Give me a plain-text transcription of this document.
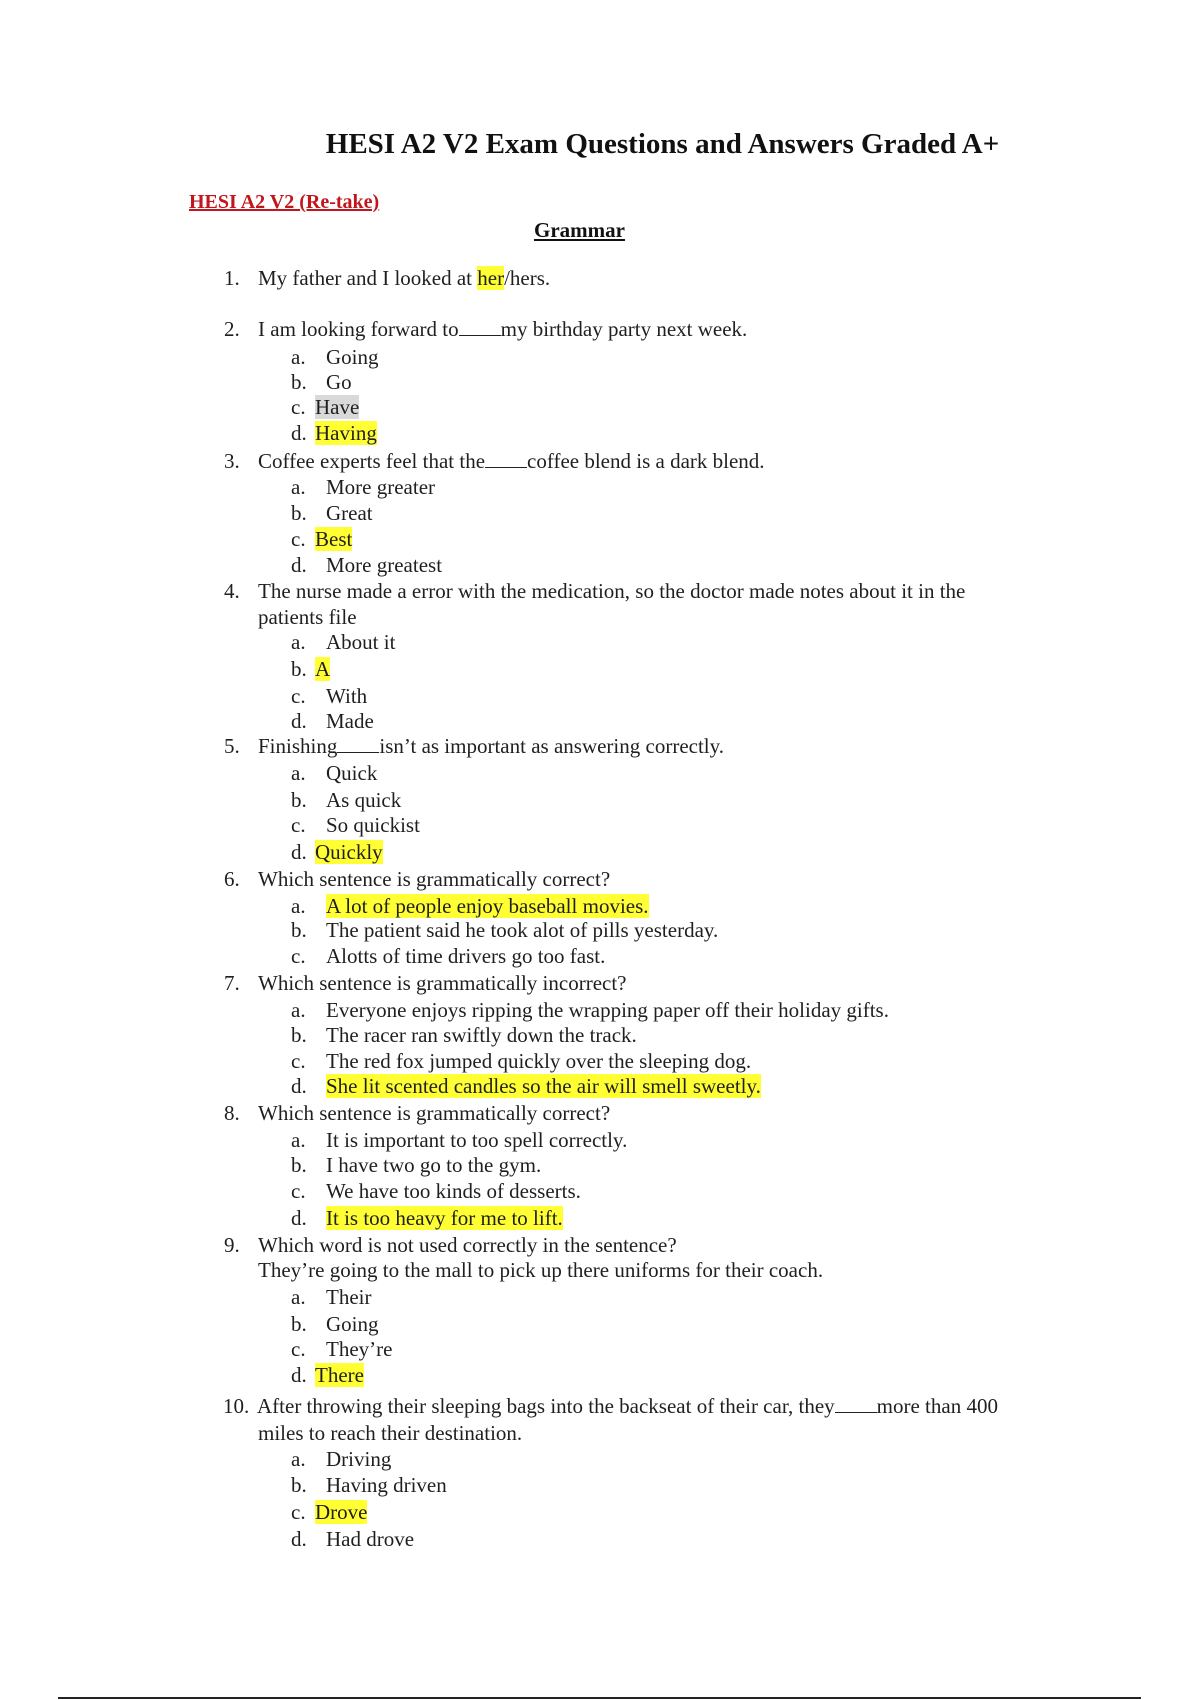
HESI A2 V2 Exam Questions and Answers Graded A+
HESI A2 V2 (Re-take)
Grammar
1. My father and I looked at her/hers.
2. I am looking forward to my birthday party next week.
a. Going
b. Go
c. Have
d. Having
3. Coffee experts feel that the coffee blend is a dark blend.
a. More greater
b. Great
c. Best
d. More greatest
4. The nurse made a error with the medication, so the doctor made notes about it in the
patients file
a. About it
b. A
c. With
d. Made
5. Finishing isn’t as important as answering correctly.
a. Quick
b. As quick
c. So quickist
d. Quickly
6. Which sentence is grammatically correct?
a. A lot of people enjoy baseball movies.
b. The patient said he took alot of pills yesterday.
c. Alotts of time drivers go too fast.
7. Which sentence is grammatically incorrect?
a. Everyone enjoys ripping the wrapping paper off their holiday gifts.
b. The racer ran swiftly down the track.
c. The red fox jumped quickly over the sleeping dog.
d. She lit scented candles so the air will smell sweetly.
8. Which sentence is grammatically correct?
a. It is important to too spell correctly.
b. I have two go to the gym.
c. We have too kinds of desserts.
d. It is too heavy for me to lift.
9. Which word is not used correctly in the sentence?
They’re going to the mall to pick up there uniforms for their coach.
a. Their
b. Going
c. They’re
d. There
10. After throwing their sleeping bags into the backseat of their car, they more than 400
miles to reach their destination.
a. Driving
b. Having driven
c. Drove
d. Had drove
